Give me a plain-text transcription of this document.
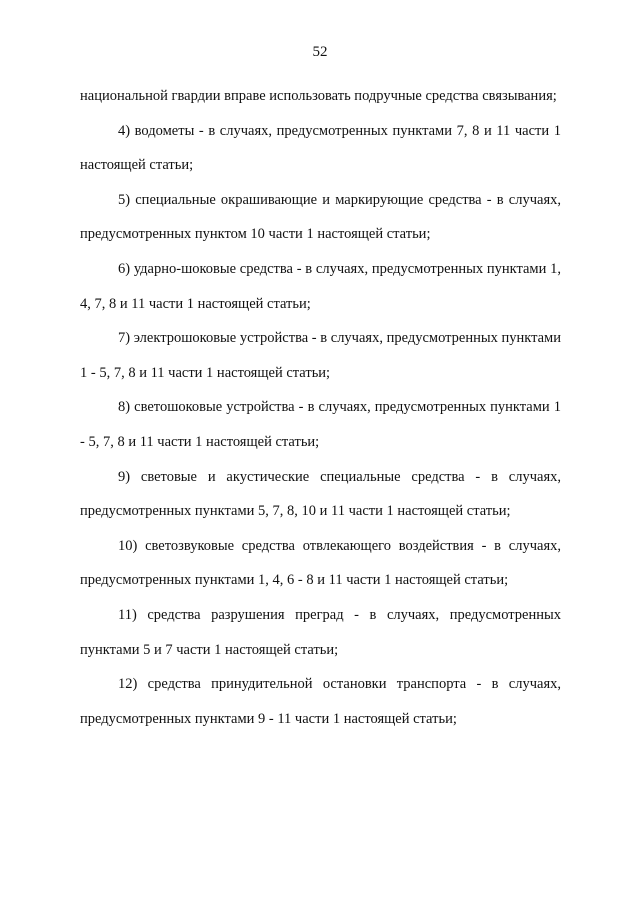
52

национальной гвардии вправе использовать подручные средства связывания;

4) водометы - в случаях, предусмотренных пунктами 7, 8 и 11 части 1 настоящей статьи;

5) специальные окрашивающие и маркирующие средства - в случаях, предусмотренных пунктом 10 части 1 настоящей статьи;

6) ударно-шоковые средства - в случаях, предусмотренных пунктами 1, 4, 7, 8 и 11 части 1 настоящей статьи;

7) электрошоковые устройства - в случаях, предусмотренных пунктами 1 - 5, 7, 8 и 11 части 1 настоящей статьи;

8) светошоковые устройства - в случаях, предусмотренных пунктами 1 - 5, 7, 8 и 11 части 1 настоящей статьи;

9) световые и акустические специальные средства - в случаях, предусмотренных пунктами 5, 7, 8, 10 и 11 части 1 настоящей статьи;

10) светозвуковые средства отвлекающего воздействия - в случаях, предусмотренных пунктами 1, 4, 6 - 8 и 11 части 1 настоящей статьи;

11) средства разрушения преград - в случаях, предусмотренных пунктами 5 и 7 части 1 настоящей статьи;

12) средства принудительной остановки транспорта - в случаях, предусмотренных пунктами 9 - 11 части 1 настоящей статьи;
